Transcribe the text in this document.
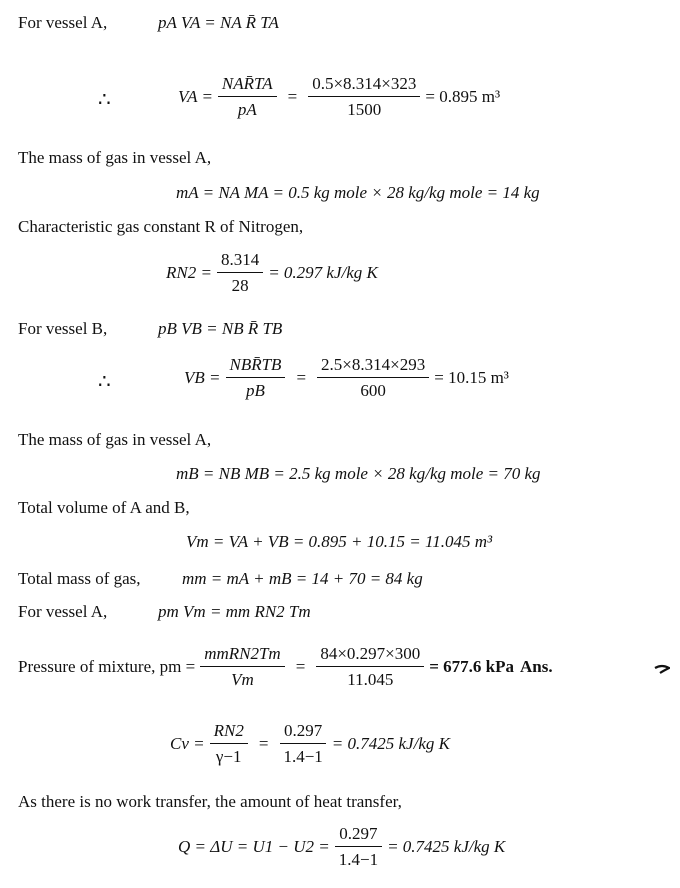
For vessel A,	pA VA = NA R̄ TA
∴	VA = $\frac{\text{NAR̄TA}}{pA} = \frac{0.5\times 8.314\times 323}{1500} = 0.895$ m³
The mass of gas in vessel A,
mA = NA MA = 0.5 kg mole × 28 kg/kg mole = 14 kg
Characteristic gas constant R of Nitrogen,
$RN2 = \frac{8.314}{28} = 0.297$ kJ/kg K
For vessel B,	pB VB = NB R̄ TB
∴	VB = $\frac{\text{NBR̄TB}}{pB} = \frac{2.5\times 8.314\times 293}{600} = 10.15$ m³
The mass of gas in vessel A,
mB = NB MB = 2.5 kg mole × 28 kg/kg mole = 70 kg
Total volume of A and B,
Vm = VA + VB = 0.895 + 10.15 = 11.045 m³
Total mass of gas, mm = mA + mB = 14 + 70 = 84 kg
For vessel A,	pm Vm = mm RN2 Tm
Pressure of mixture, pm = $\frac{\text{mmRN2Tm}}{Vm} = \frac{84\times 0.297\times 300}{11.045} = 677.6$ kPa Ans.
$Cv = \frac{RN2}{\gamma-1} = \frac{0.297}{1.4-1} = 0.7425$ kJ/kg K
As there is no work transfer, the amount of heat transfer,
$Q = \Delta U = U1 - U2 = \frac{0.297}{1.4-1} = 0.7425$ kJ/kg K
